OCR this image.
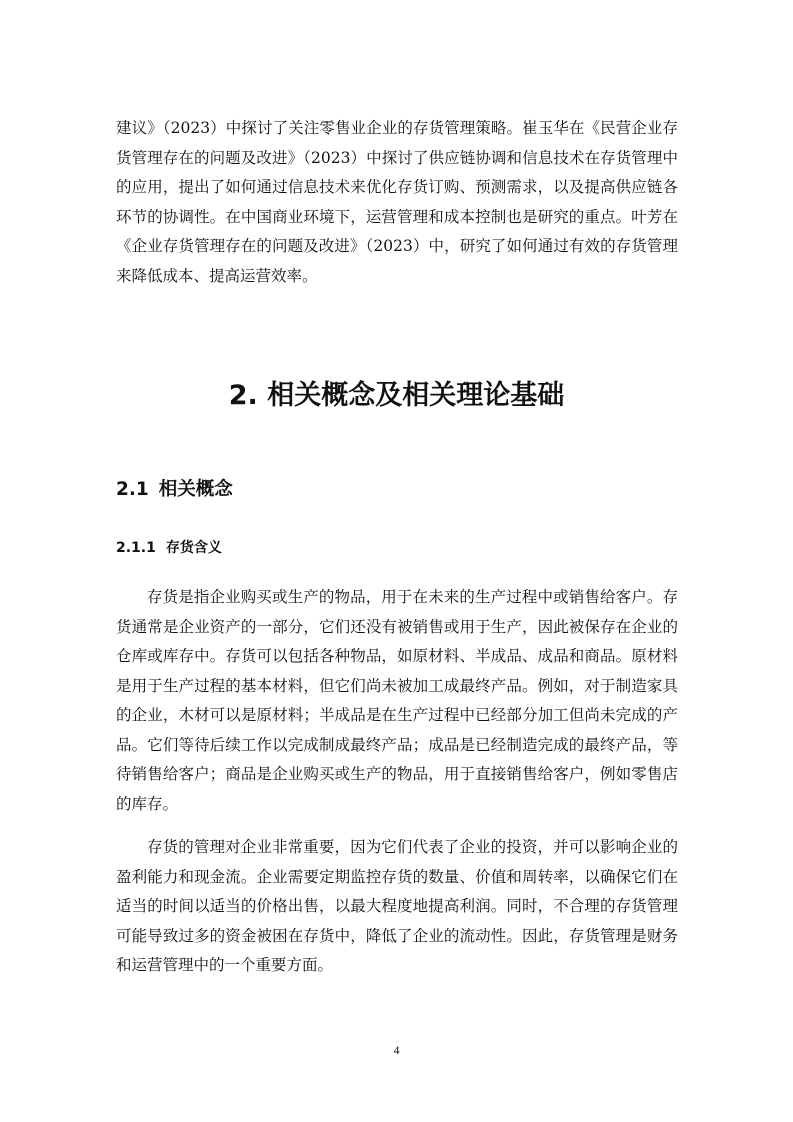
建议》（2023）中探讨了关注零售业企业的存货管理策略。崔玉华在《民营企业存货管理存在的问题及改进》（2023）中探讨了供应链协调和信息技术在存货管理中的应用，提出了如何通过信息技术来优化存货订购、预测需求，以及提高供应链各环节的协调性。在中国商业环境下，运营管理和成本控制也是研究的重点。叶芳在《企业存货管理存在的问题及改进》（2023）中，研究了如何通过有效的存货管理来降低成本、提高运营效率。

2. 相关概念及相关理论基础
2.1 相关概念
2.1.1 存货含义

存货是指企业购买或生产的物品，用于在未来的生产过程中或销售给客户。存货通常是企业资产的一部分，它们还没有被销售或用于生产，因此被保存在企业的仓库或库存中。存货可以包括各种物品，如原材料、半成品、成品和商品。原材料是用于生产过程的基本材料，但它们尚未被加工成最终产品。例如，对于制造家具的企业，木材可以是原材料；半成品是在生产过程中已经部分加工但尚未完成的产品。它们等待后续工作以完成制成最终产品；成品是已经制造完成的最终产品，等待销售给客户；商品是企业购买或生产的物品，用于直接销售给客户，例如零售店的库存。

存货的管理对企业非常重要，因为它们代表了企业的投资，并可以影响企业的盈利能力和现金流。企业需要定期监控存货的数量、价值和周转率，以确保它们在适当的时间以适当的价格出售，以最大程度地提高利润。同时，不合理的存货管理可能导致过多的资金被困在存货中，降低了企业的流动性。因此，存货管理是财务和运营管理中的一个重要方面。

4
